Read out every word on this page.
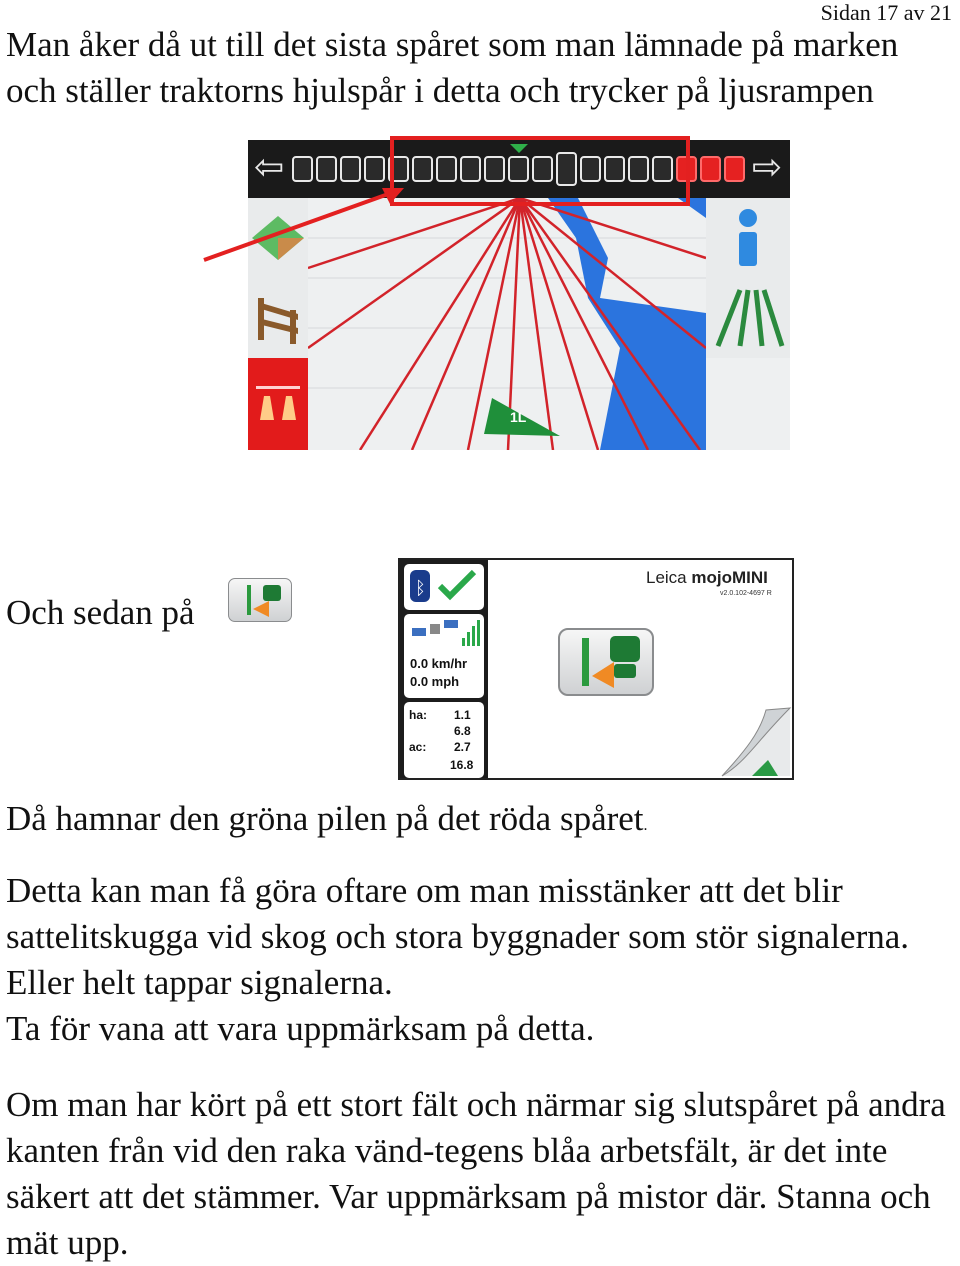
Sidan 17 av 21

Man åker då ut till det sista spåret som man lämnade på marken och ställer traktorns hjulspår i detta och trycker på ljusrampen

⇦	⇨
1L

Och sedan på

ᛒ
0.0 km/hr
0.0 mph
ha: 1.1
6.8
ac: 2.7
16.8
Leica mojoMINI
v2.0.102-4697 R

Då hamnar den gröna pilen på det röda spåret.

Detta kan man få göra oftare om man misstänker att det blir sattelitskugga vid skog och stora byggnader som stör signalerna. Eller helt tappar signalerna.

Ta för vana att vara uppmärksam på detta.

Om man har kört på ett stort fält och närmar sig slutspåret på andra kanten från vid den raka vänd-tegens blåa arbetsfält, är det inte säkert att det stämmer. Var uppmärksam på mistor där. Stanna och mät upp.
